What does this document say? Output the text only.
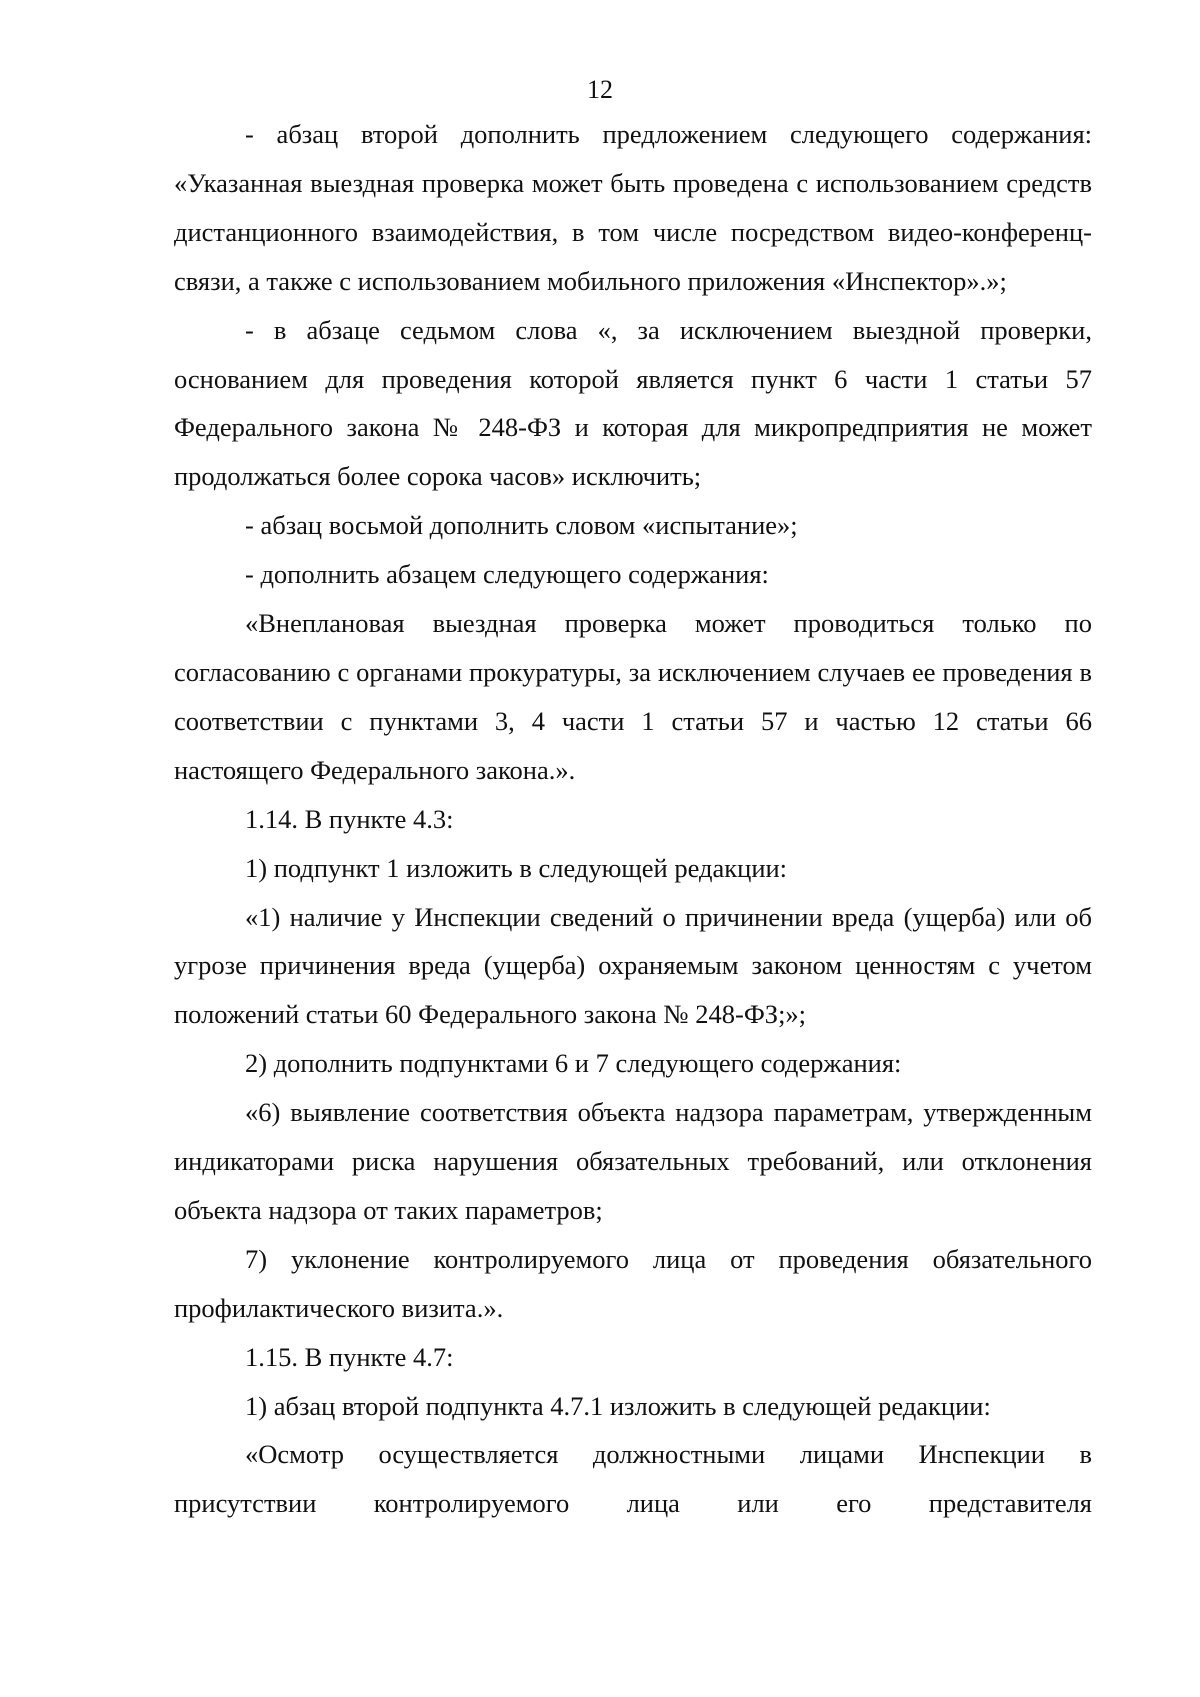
12

- абзац второй дополнить предложением следующего содержания: «Указанная выездная проверка может быть проведена с использованием средств дистанционного взаимодействия, в том числе посредством видео-конференц-связи, а также с использованием мобильного приложения «Инспектор».»;

- в абзаце седьмом слова «, за исключением выездной проверки, основанием для проведения которой является пункт 6 части 1 статьи 57 Федерального закона № 248-ФЗ и которая для микропредприятия не может продолжаться более сорока часов» исключить;

- абзац восьмой дополнить словом «испытание»;

- дополнить абзацем следующего содержания:

«Внеплановая выездная проверка может проводиться только по согласованию с органами прокуратуры, за исключением случаев ее проведения в соответствии с пунктами 3, 4 части 1 статьи 57 и частью 12 статьи 66 настоящего Федерального закона.».

1.14. В пункте 4.3:

1) подпункт 1 изложить в следующей редакции:

«1) наличие у Инспекции сведений о причинении вреда (ущерба) или об угрозе причинения вреда (ущерба) охраняемым законом ценностям с учетом положений статьи 60 Федерального закона № 248-ФЗ;»;

2) дополнить подпунктами 6 и 7 следующего содержания:

«6) выявление соответствия объекта надзора параметрам, утвержденным индикаторами риска нарушения обязательных требований, или отклонения объекта надзора от таких параметров;

7) уклонение контролируемого лица от проведения обязательного профилактического визита.».

1.15. В пункте 4.7:

1) абзац второй подпункта 4.7.1 изложить в следующей редакции:

«Осмотр осуществляется должностными лицами Инспекции в присутствии контролируемого лица или его представителя
